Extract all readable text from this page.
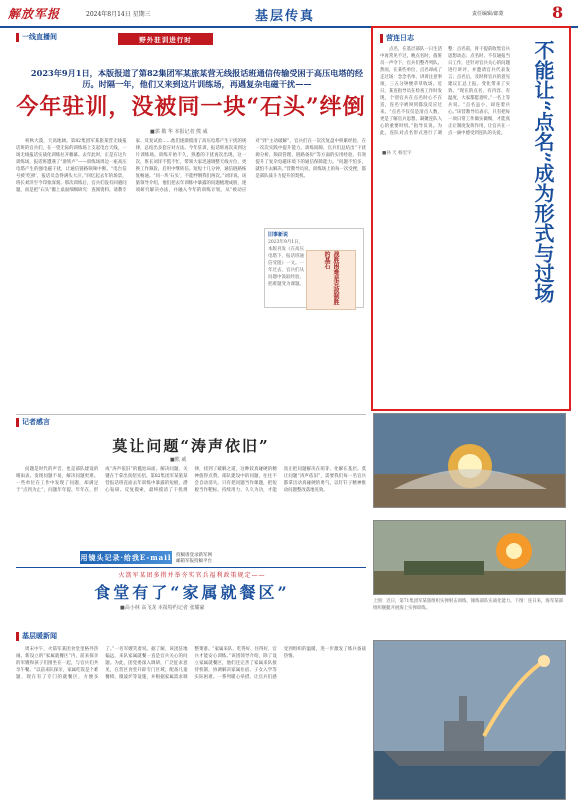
解放军报	2024年8月14日 星期三	基层传真	责任编辑/郎蒙	8
一线直播间	野外驻训进行时
2023年9月1日，本版报道了第82集团军某旅某营无线报话班通信传输受困于高压电塔的经历。时隔一年，他们又来到这片训练场，再遇复杂电磁干扰——
今年驻训，没被同一块“石头”绊倒
■郭 敬 华 本报记者 熊 威
初秋大漠，天高地阔。第82集团军某旅某营无线报话班的官兵们，在一望无际的训练场上支起电台天线，一场无线报话实战化训练拉开帷幕。去年此时，正是在这片训练场，报话班遭遇了“滑铁卢”——训练场周边一座高压电塔产生的强电磁干扰，让通信链路频频中断。“电台信号被‘吃掉’，报话员急得满头大汗。”回忆起去年的场景，班长刘洋至今印象深刻。那次训练后，官兵们没有回避问题，而是把“石头”搬上桌面细细研究：查阅资料、请教专家、反复试验……他们逐渐摸清了高压电塔产生干扰的规律，总结出多套应对方法。今年驻训，报话班再次来到这片训练场。训练开始不久，熟悉的干扰再次出现。这一次，班长刘洋不慌不忙，带领大家迅速调整天线方位、更换工作频段、启用中继转信。短短十几分钟，通信链路恢复畅通。“同一块‘石头’，不能绊倒我们两次。”刘洋说。该旅领导介绍，他们把去年训练中暴露的问题梳理成册，逐项研究解决办法，并融入今年的训练计划。从“被动应对”到“主动破解”，官兵们在一次次复盘中积累经验，在一次次实践中提升能力。训练间隙，官兵们总结出“干扰源分析、频段管理、链路备份”等方面的实用经验，有效提升了复杂电磁环境下的通信保障能力。“问题不怕多，就怕不去解决。”营教导员说，训练场上的每一次受挫，都是部队战斗力提升的契机。
旧事新说
2023年9月1日，本版刊发《在高压电塔下，报话班通信受阻》一文。一年过去，官兵们从问题中汲取经验，把难题变为课题。	战胜困难是克敌制胜的基石
记者感言
莫让问题“涛声依旧”
■熊 威
问题是时代的声音，也是部队建设的晴雨表。发现问题不易，解决问题更难。一些单位在工作中发现了问题，却满足于“点到为止”，问题年年提、年年在，形成“涛声依旧”的尴尬局面。解决问题，关键在于拿出真招实招。第82集团军某旅某营报话班直面去年训练中暴露的短板，潜心钻研、反复摸索，最终摸清了干扰规律，找到了破解之道，这种较真碰硬的精神值得点赞。部队建设中的问题，往往不会自动消失。只有把问题当作课题，把短板当作靶标，持续用力、久久为功，才能真正把问题解决在萌芽、化解在基层。莫让问题“涛声依旧”，需要我们每一名官兵都拿出动真碰硬的勇气，以钉钉子精神推动问题整改落地见效。
用镜头记录·给我E-mail 投稿请登录新军网
邮箱军报投稿平台
火箭军某团多措并举夯实官兵福利政策规定——
食堂有了“家属就餐区”
■高小林 高飞龙 本报特约记者 张耀豪
基层暖新闻
周末中午，火箭军某团食堂里格外热闹。新设立的“家属就餐区”内，前来探亲的军嫂和孩子们围坐在一起，与官兵们共享午餐。“以前来队探亲，家属吃饭是个难题，现在有了专门的就餐区，方便多了。”一名军嫂笑着说。据了解，该团驻地偏远，来队家属就餐一直是官兵关心的问题。为此，团党委深入调研，广泛征求意见，在营区食堂开辟专门区域，配备儿童餐椅、微波炉等设施，并根据家属需求调整菜谱。“家属来队，吃得好、住得好，官兵才能安心训练。”该团领导介绍，除了设立家属就餐区，他们还完善了家属来队接待机制，协调解决家属住宿、子女入学等实际困难。一系列暖心举措，让官兵们感受到组织的温暖，进一步激发了练兵备战热情。
上图：近日，第71集团军某旅组织实弹射击训练，锤炼部队实战化能力。下图：连日来，海军某部组织舰艇开展海上实弹训练。
营连日志
■孙 天 杨宏宇
点名，在基层部队一日生活中再常见不过。晚点名时，值班员一声令下，官兵们整齐列队。然而，在某些单位，点名却成了走过场：念念名单、讲讲注意事项，三五分钟便草草收场。近日，某连指导员在检查工作时发现，个别官兵在点名时心不在焉，连名字被叫到都没反应过来。“点名不仅仅是清点人数，更是了解官兵思想、凝聚连队人心的重要时机。”指导员说。为此，连队对点名形式进行了调整：点名前，骨干提前收集官兵思想动态；点名时，不仅通报当日工作，还针对官兵关心的问题进行讲评，并邀请官兵代表发言；点名后，及时将官兵的意见建议汇总上报。变化带来了实效。“现在的点名，有内容、有温度，大家都愿意听。”一名上等兵说。“点名虽小，却连着兵心。”该营教导员表示，只有把每一项日常工作做实做细，才能真正让制度发挥作用，让官兵在一点一滴中感受到连队的关爱。	不能让“点名”成为形式与过场
